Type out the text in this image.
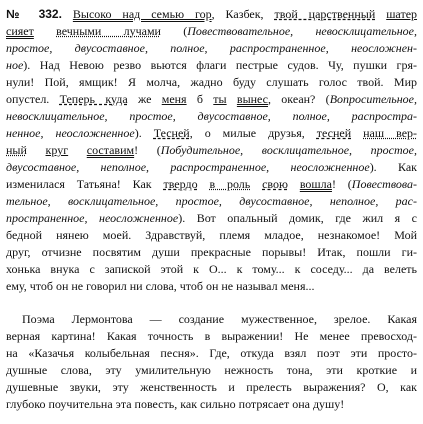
№ 332. Высоко над семью гор, Казбек, твой царственный шатер
сияет вечными лучами (Повествовательное, невосклицательное,
простое, двусоставное, полное, распространенное, неосложнен-
ное). Над Невою резво вьются флаги пестрые судов. Чу, пушки гря-
нули! Пой, ямщик! Я молча, жадно буду слушать голос твой. Мир
опустел. Теперь куда же меня б ты вынес, океан? (Вопросительное,
невосклицательное, простое, двусоставное, полное, распростра-
ненное, неосложненное). Тесней, о милые друзья, тесней наш вер-
ный круг составим! (Побудительное, восклицательное, простое,
двусоставное, неполное, распространенное, неосложненное). Как
изменилася Татьяна! Как твердо в роль свою вошла! (Повествова-
тельное, восклицательное, простое, двусоставное, неполное, рас-
пространенное, неосложненное). Вот опальный домик, где жил я с
бедной нянею моей. Здравствуй, племя младое, незнакомое! Мой
друг, отчизне посвятим души прекрасные порывы! Итак, пошли ги-
хонька внука с запиской этой к О... к тому... к соседу... да велеть
ему, чтоб он не говорил ни слова, чтоб он не называл меня...
Поэма Лермонтова — создание мужественное, зрелое. Какая
верная картина! Какая точность в выражении! Не менее превосход-
на «Казачья колыбельная песня». Где, откуда взял поэт эти просто-
душные слова, эту умилительную нежность тона, эти кроткие и
душевные звуки, эту женственность и прелесть выражения? О, как
глубоко поучительна эта повесть, как сильно потрясает она душу!
